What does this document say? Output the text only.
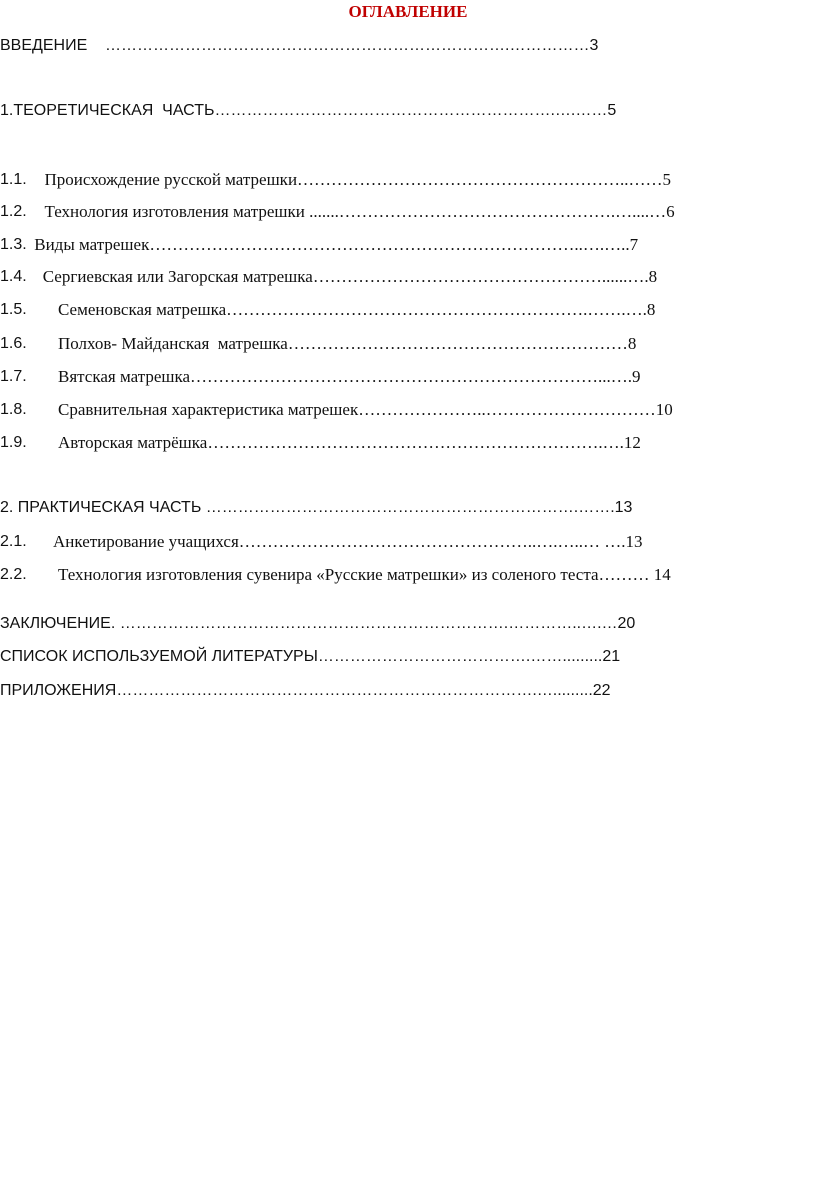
ОГЛАВЛЕНИЕ
ВВЕДЕНИЕ    ………………………………………………………………….……………3
1.ТЕОРЕТИЧЕСКАЯ  ЧАСТЬ……………………………………………………….….……5
1.1. Происхождение русской матрешки…………………………………………………..……5
1.2. Технология изготовления матрешки .......………………………………………….…....…6
1.3. Виды матрешек…………………………………………………………………..….…..7
1.4. Сергиевская или Загорская матрешка……………………………………………......….8
1.5.	Семеновская матрешка……………………………………………………….…….….8
1.6.	Полхов- Майданская  матрешка……………………………………………………8
1.7.	Вятская матрешка………………………………………………………………...….9
1.8.	Сравнительная характеристика матрешек…………………..…………………………10
1.9.	Авторская матрёшка…………………………………………………………….….12
2. ПРАКТИЧЕСКАЯ ЧАСТЬ …………………………………………………………….…….13
2.1.	Анкетирование учащихся……………………………………………..….…..… ….13
2.2.	Технология изготовления сувенира «Русские матрешки» из соленого теста……… 14
ЗАКЛЮЧЕНИЕ. ……………………………………………………………….…………..….…20
СПИСОК ИСПОЛЬЗУЕМОЙ ЛИТЕРАТУРЫ………………………………….…….........21
ПРИЛОЖЕНИЯ…………………………………………………………………….….........22
